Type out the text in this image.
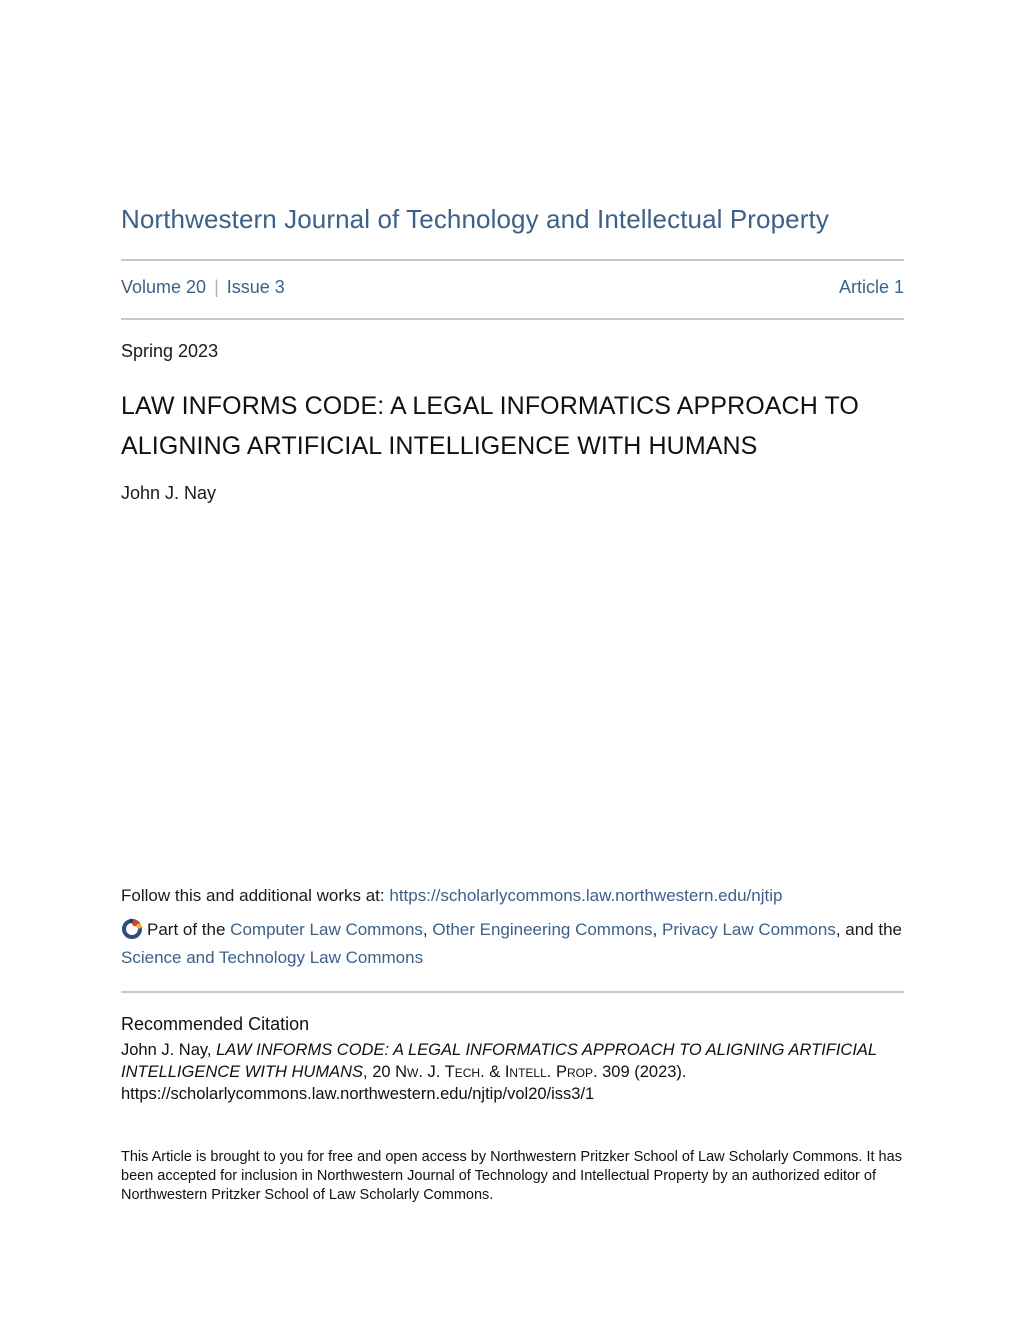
Northwestern Journal of Technology and Intellectual Property
Volume 20 | Issue 3	Article 1
Spring 2023
LAW INFORMS CODE: A LEGAL INFORMATICS APPROACH TO
ALIGNING ARTIFICIAL INTELLIGENCE WITH HUMANS
John J. Nay
Follow this and additional works at: https://scholarlycommons.law.northwestern.edu/njtip
Part of the Computer Law Commons, Other Engineering Commons, Privacy Law Commons, and the
Science and Technology Law Commons
Recommended Citation
John J. Nay, LAW INFORMS CODE: A LEGAL INFORMATICS APPROACH TO ALIGNING ARTIFICIAL
INTELLIGENCE WITH HUMANS, 20 Nw. J. Tech. & Intell. Prop. 309 (2023).
https://scholarlycommons.law.northwestern.edu/njtip/vol20/iss3/1
This Article is brought to you for free and open access by Northwestern Pritzker School of Law Scholarly Commons. It has been accepted for inclusion in Northwestern Journal of Technology and Intellectual Property by an authorized editor of Northwestern Pritzker School of Law Scholarly Commons.
